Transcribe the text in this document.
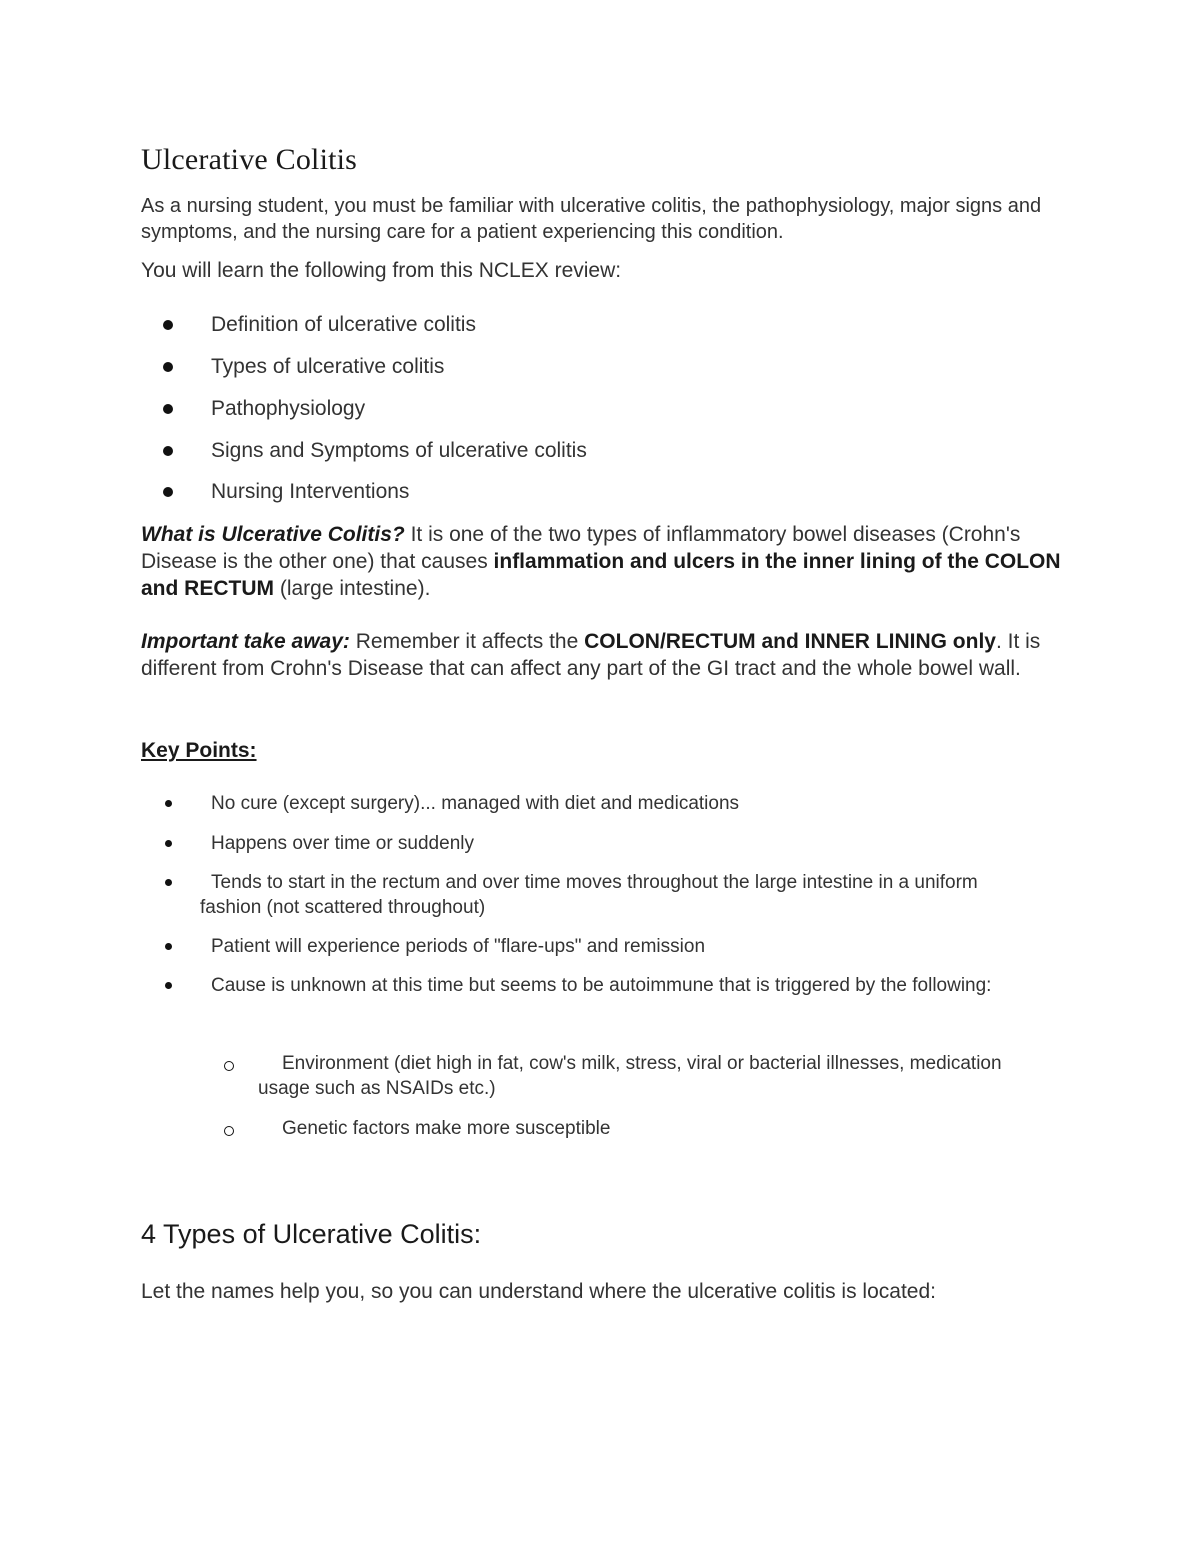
Ulcerative Colitis

As a nursing student, you must be familiar with ulcerative colitis, the pathophysiology, major signs and symptoms, and the nursing care for a patient experiencing this condition.

You will learn the following from this NCLEX review:

Definition of ulcerative colitis
Types of ulcerative colitis
Pathophysiology
Signs and Symptoms of ulcerative colitis
Nursing Interventions

What is Ulcerative Colitis? It is one of the two types of inflammatory bowel diseases (Crohn's Disease is the other one) that causes inflammation and ulcers in the inner lining of the COLON and RECTUM (large intestine).

Important take away: Remember it affects the COLON/RECTUM and INNER LINING only. It is different from Crohn's Disease that can affect any part of the GI tract and the whole bowel wall.

Key Points:

No cure (except surgery)... managed with diet and medications
Happens over time or suddenly
Tends to start in the rectum and over time moves throughout the large intestine in a uniform fashion (not scattered throughout)
Patient will experience periods of "flare-ups" and remission
Cause is unknown at this time but seems to be autoimmune that is triggered by the following:
Environment (diet high in fat, cow's milk, stress, viral or bacterial illnesses, medication usage such as NSAIDs etc.)
Genetic factors make more susceptible
4 Types of Ulcerative Colitis:

Let the names help you, so you can understand where the ulcerative colitis is located:
